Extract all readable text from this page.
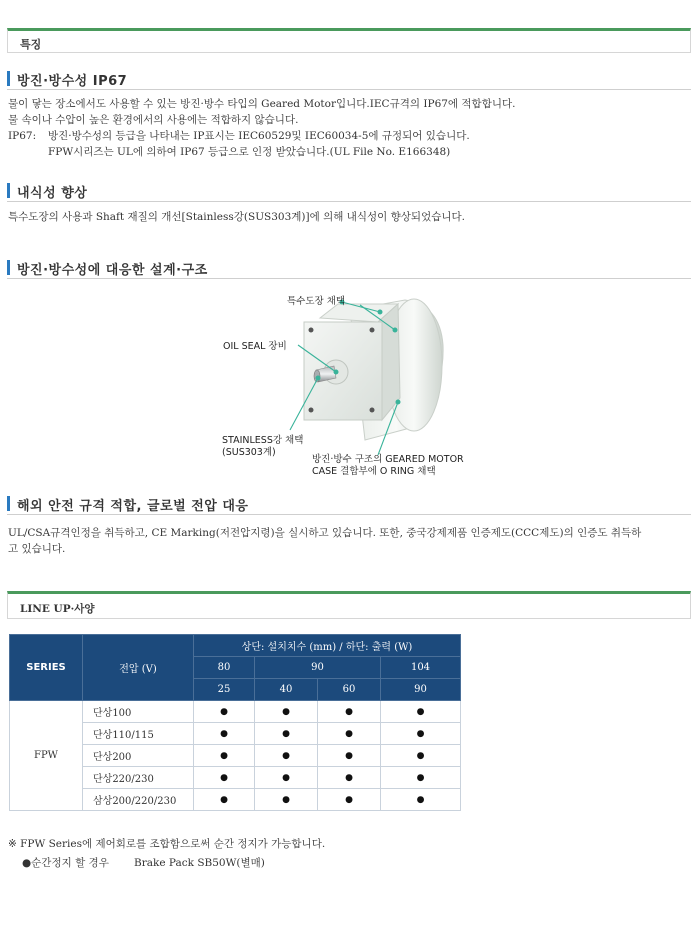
특징
방진·방수성 IP67
물이 닿는 장소에서도 사용할 수 있는 방진·방수 타입의 Geared Motor입니다.IEC규격의 IP67에 적합합니다.
물 속이나 수압이 높은 환경에서의 사용에는 적합하지 않습니다.
IP67: 방진·방수성의 등급을 나타내는 IP표시는 IEC60529및 IEC60034-5에 규정되어 있습니다.
FPW시리즈는 UL에 의하여 IP67 등급으로 인정 받았습니다.(UL File No. E166348)
내식성 향상
특수도장의 사용과 Shaft 재질의 개선[Stainless강(SUS303계)]에 의해 내식성이 향상되었습니다.
방진·방수성에 대응한 설계·구조
특수도장 채택
OIL SEAL 장비
STAINLESS강 채택
(SUS303계)
방진·방수 구조의 GEARED MOTOR
CASE 결합부에 O RING 채택
해외 안전 규격 적합, 글로벌 전압 대응
UL/CSA규격인정을 취득하고, CE Marking(저전압지령)을 실시하고 있습니다. 또한, 중국강제제품 인증제도(CCC제도)의 인증도 취득하
고 있습니다.
LINE UP·사양
SERIES	전압 (V)	상단: 설치치수 (mm) / 하단: 출력 (W)			
		80	90		104
		25	40	60	90
FPW	단상100	●	●	●	●
	단상110/115	●	●	●	●
	단상200	●	●	●	●
	단상220/230	●	●	●	●
	삼상200/220/230	●	●	●	●
※ FPW Series에 제어회로를 조합함으로써 순간 정지가 가능합니다.
●순간정지 할 경우 Brake Pack SB50W(별매)
